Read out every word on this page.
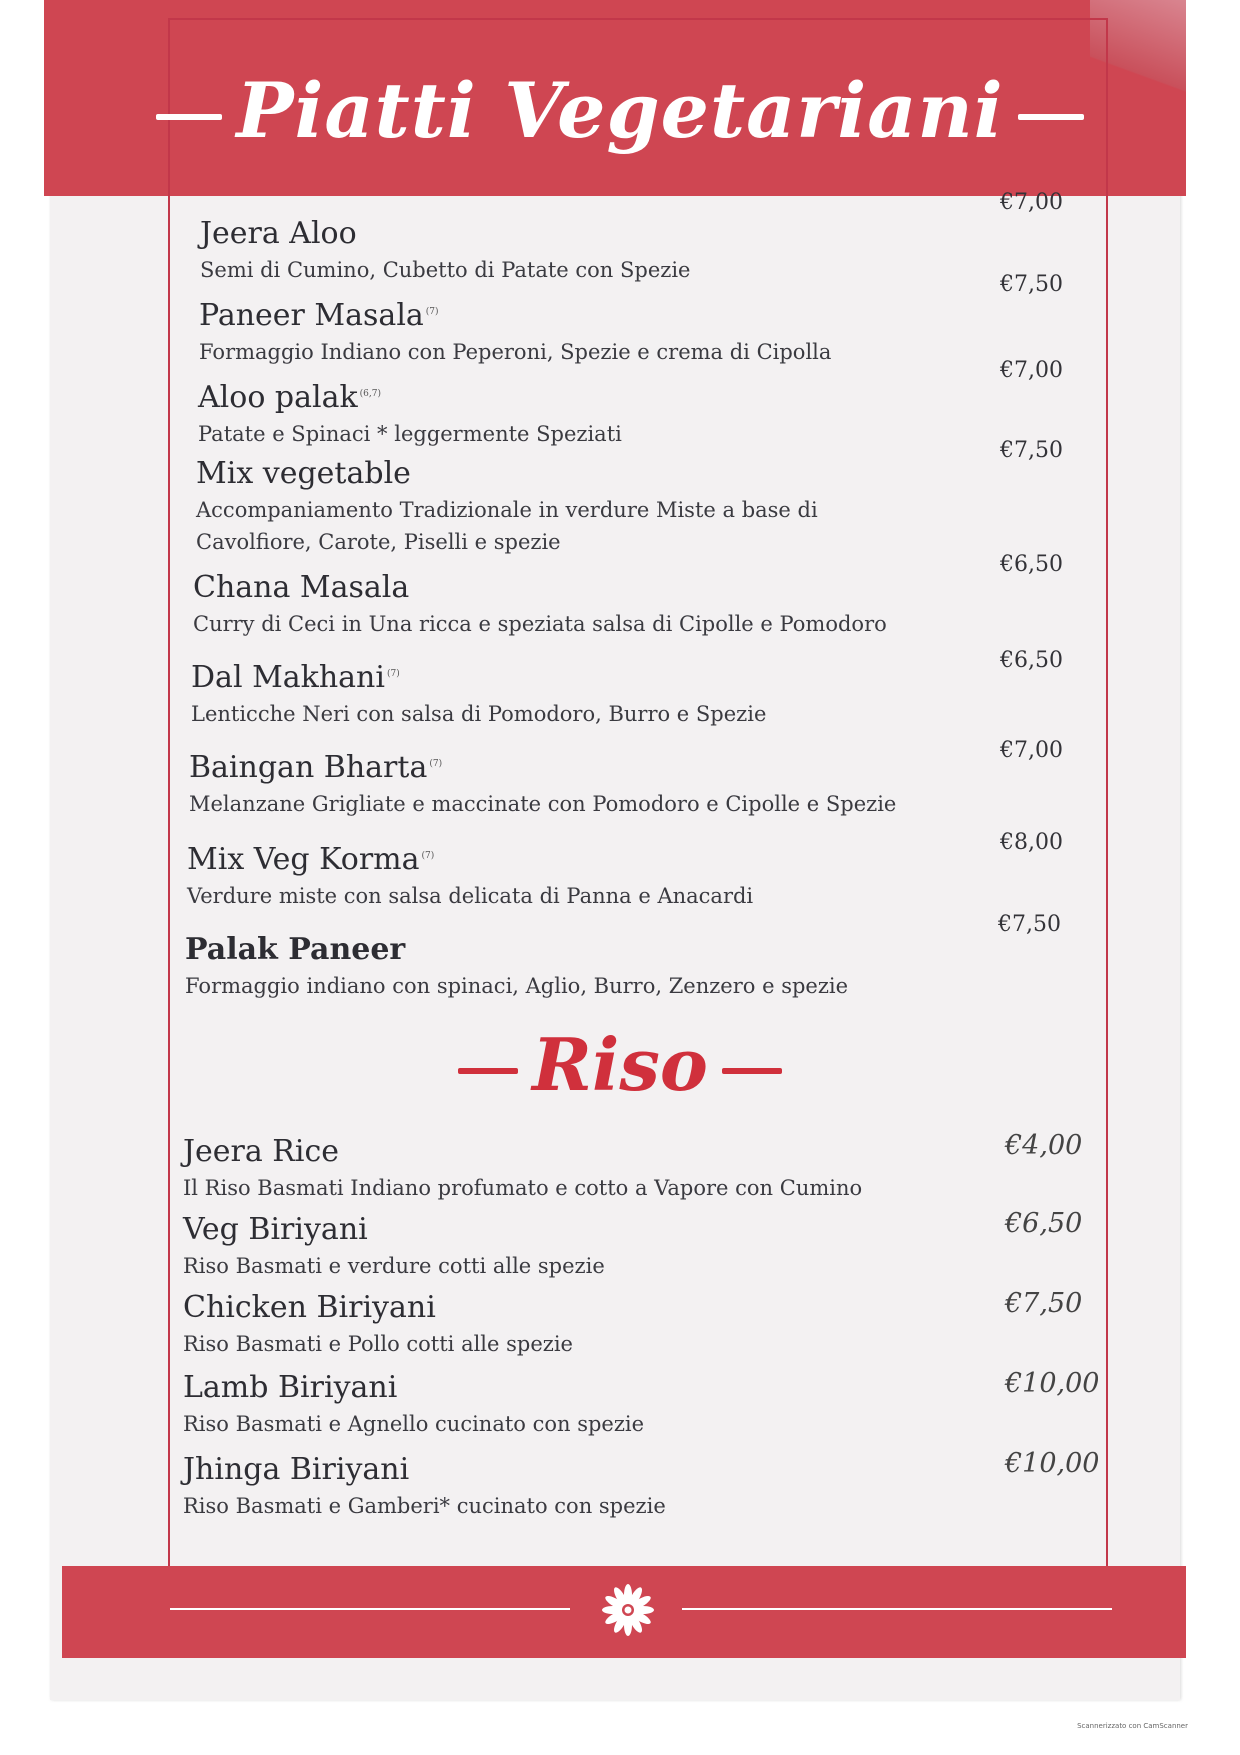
Piatti Vegetariani
Jeera Aloo
Semi di Cumino, Cubetto di Patate con Spezie
€7,00
Paneer Masala $^{(7)}$
Formaggio Indiano con Peperoni, Spezie e crema di Cipolla
€7,50
Aloo palak $^{(6,7)}$
Patate e Spinaci * leggermente Speziati
€7,00
Mix vegetable
Accompaniamento Tradizionale in verdure Miste a base di Cavolfiore, Carote, Piselli e spezie
€7,50
Chana Masala
Curry di Ceci in Una ricca e speziata salsa di Cipolle e Pomodoro
€6,50
Dal Makhani $^{(7)}$
Lenticche Neri con salsa di Pomodoro, Burro e Spezie
€6,50
Baingan Bharta $^{(7)}$
Melanzane Grigliate e maccinate con Pomodoro e Cipolle e Spezie
€7,00
Mix Veg Korma $^{(7)}$
Verdure miste con salsa delicata di Panna e Anacardi
€8,00
Palak Paneer
Formaggio indiano con spinaci, Aglio, Burro, Zenzero e spezie
€7,50
Riso
Jeera Rice
Il Riso Basmati Indiano profumato e cotto a Vapore con Cumino
€4,00
Veg Biriyani
Riso Basmati e verdure cotti alle spezie
€6,50
Chicken Biriyani
Riso Basmati e Pollo cotti alle spezie
€7,50
Lamb Biriyani
Riso Basmati e Agnello cucinato con spezie
€10,00
Jhinga Biriyani
Riso Basmati e Gamberi* cucinato con spezie
€10,00
Scannerizzato con CamScanner
